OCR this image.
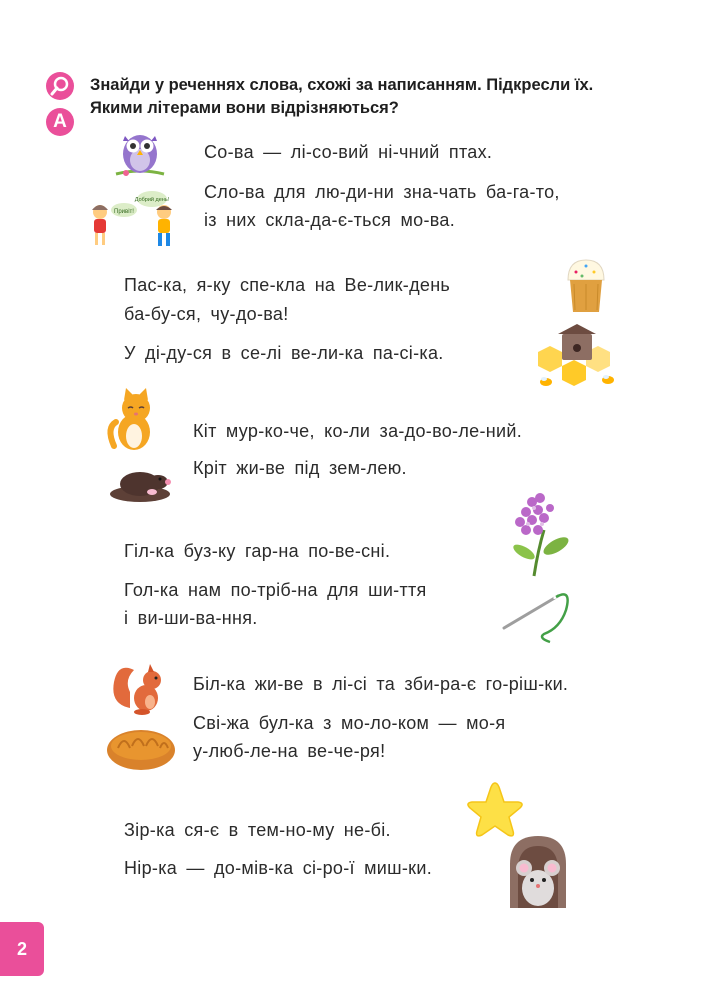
А
Знайди у реченнях слова, схожі за написанням. Підкресли їх.
Якими літерами вони відрізняються?
Со-ва — лі-со-вий ні-чний птах.
Сло-ва для лю-ди-ни зна-чать ба-га-то,
із них скла-да-є-ться мо-ва.
Пас-ка, я-ку спе-кла на Ве-лик-день
ба-бу-ся, чу-до-ва!
У ді-ду-ся в се-лі ве-ли-ка па-сі-ка.
Кіт мур-ко-че, ко-ли за-до-во-ле-ний.
Кріт жи-ве під зем-лею.
Гіл-ка буз-ку гар-на по-ве-сні.
Гол-ка нам по-тріб-на для ши-ття
і ви-ши-ва-ння.
Біл-ка жи-ве в лі-сі та зби-ра-є го-ріш-ки.
Сві-жа бул-ка з мо-ло-ком — мо-я
у-люб-ле-на ве-че-ря!
Зір-ка ся-є в тем-но-му не-бі.
Нір-ка — до-мів-ка сі-ро-ї миш-ки.
Привіт!
Добрий день!
2
